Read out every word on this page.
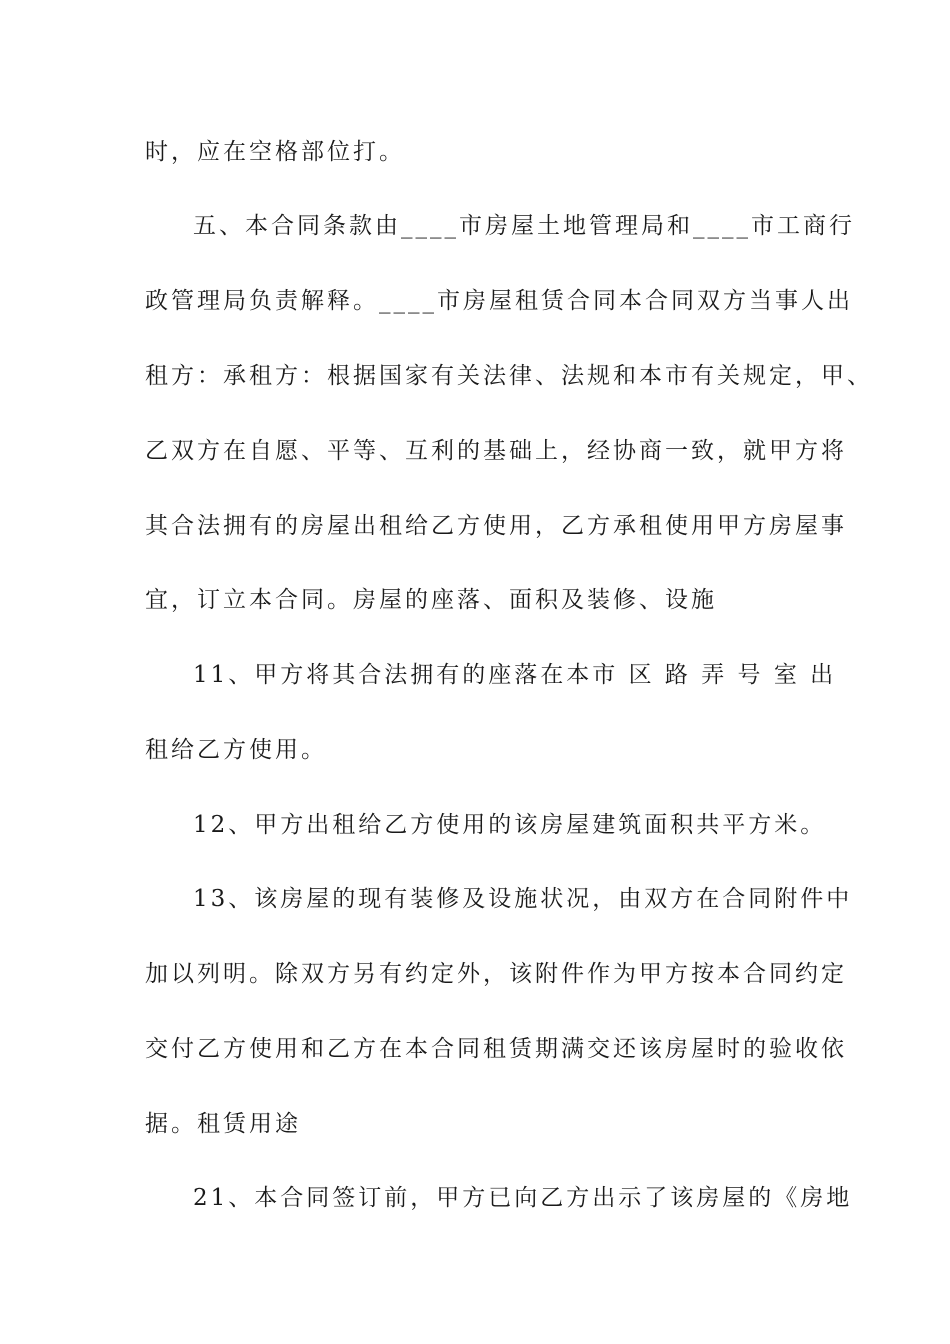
时，应在空格部位打。
五、本合同条款由____市房屋土地管理局和____市工商行
政管理局负责解释。____市房屋租赁合同本合同双方当事人出
租方：承租方：根据国家有关法律、法规和本市有关规定，甲、
乙双方在自愿、平等、互利的基础上，经协商一致，就甲方将
其合法拥有的房屋出租给乙方使用，乙方承租使用甲方房屋事
宜，订立本合同。房屋的座落、面积及装修、设施
11、甲方将其合法拥有的座落在本市 区 路 弄 号 室 出
租给乙方使用。
12、甲方出租给乙方使用的该房屋建筑面积共平方米。
13、该房屋的现有装修及设施状况，由双方在合同附件中
加以列明。除双方另有约定外，该附件作为甲方按本合同约定
交付乙方使用和乙方在本合同租赁期满交还该房屋时的验收依
据。租赁用途
21、本合同签订前，甲方已向乙方出示了该房屋的《房地
